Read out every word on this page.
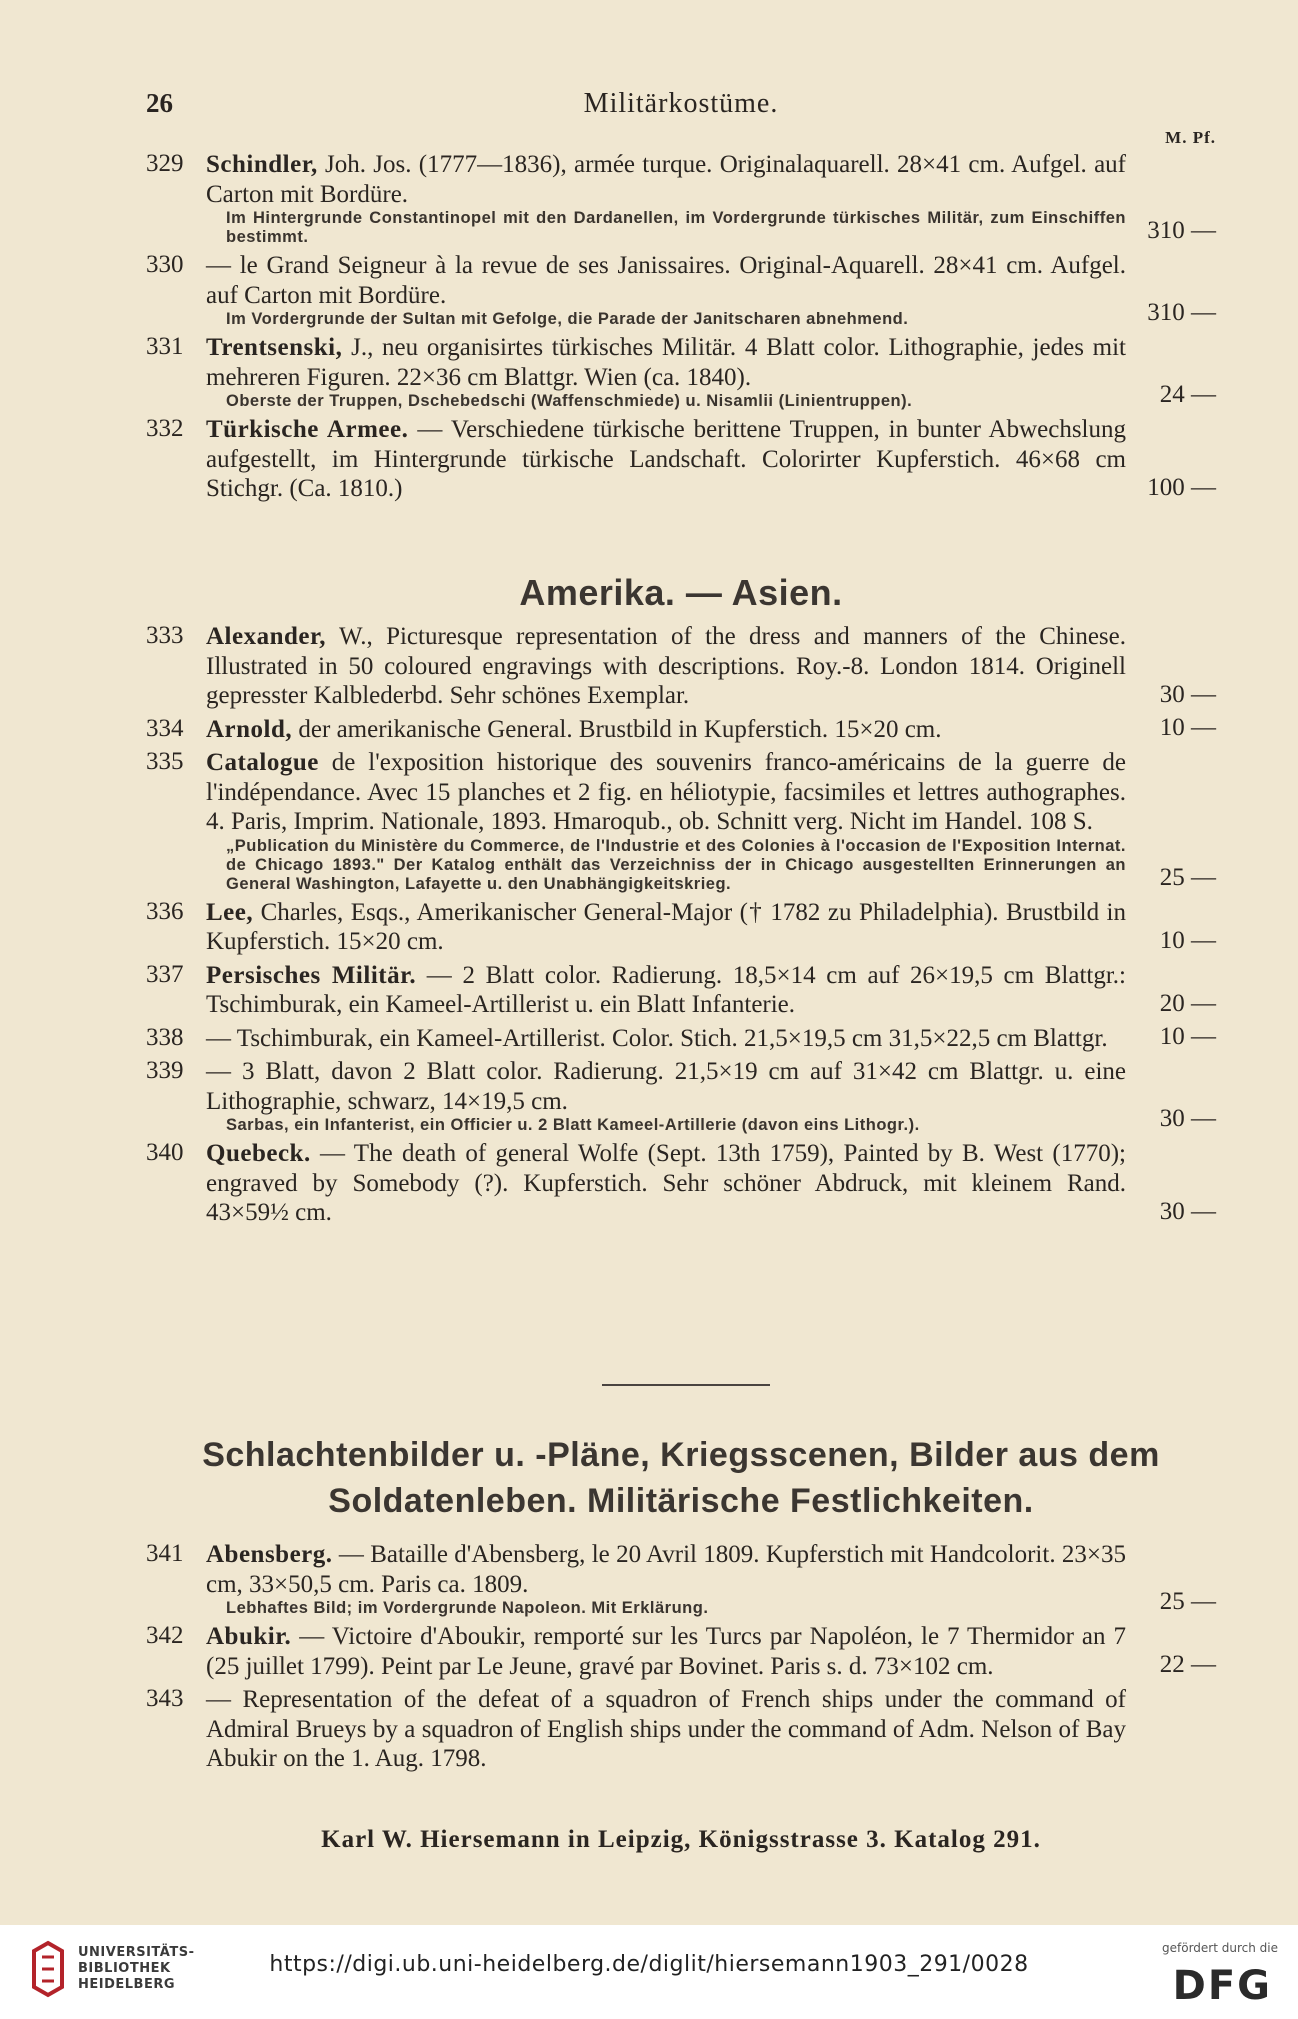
26	Militärkostüme.
M. Pf.
329 Schindler, Joh. Jos. (1777—1836), armée turque. Originalaquarell. 28×41 cm. Aufgel. auf Carton mit Bordüre.
Im Hintergrunde Constantinopel mit den Dardanellen, im Vordergrunde türkisches Militär, zum Einschiffen bestimmt.	310 —
330 — le Grand Seigneur à la revue de ses Janissaires. Original-Aquarell. 28×41 cm. Aufgel. auf Carton mit Bordüre.
Im Vordergrunde der Sultan mit Gefolge, die Parade der Janitscharen abnehmend.	310 —
331 Trentsenski, J., neu organisirtes türkisches Militär. 4 Blatt color. Lithographie, jedes mit mehreren Figuren. 22×36 cm Blattgr. Wien (ca. 1840).
Oberste der Truppen, Dschebedschi (Waffenschmiede) u. Nisamlii (Linientruppen).	24 —
332 Türkische Armee. — Verschiedene türkische berittene Truppen, in bunter Abwechslung aufgestellt, im Hintergrunde türkische Landschaft. Colorirter Kupferstich. 46×68 cm Stichgr. (Ca. 1810.)	100 —
Amerika. — Asien.
333 Alexander, W., Picturesque representation of the dress and manners of the Chinese. Illustrated in 50 coloured engravings with descriptions. Roy.-8. London 1814. Originell gepresster Kalblederbd. Sehr schönes Exemplar.	30 —
334 Arnold, der amerikanische General. Brustbild in Kupferstich. 15×20 cm.	10 —
335 Catalogue de l'exposition historique des souvenirs franco-américains de la guerre de l'indépendance. Avec 15 planches et 2 fig. en héliotypie, facsimiles et lettres authographes. 4. Paris, Imprim. Nationale, 1893. Hmaroqub., ob. Schnitt verg. Nicht im Handel. 108 S.
„Publication du Ministère du Commerce, de l'Industrie et des Colonies à l'occasion de l'Exposition Internat. de Chicago 1893." Der Katalog enthält das Verzeichniss der in Chicago ausgestellten Erinnerungen an General Washington, Lafayette u. den Unabhängigkeitskrieg.	25 —
336 Lee, Charles, Esqs., Amerikanischer General-Major († 1782 zu Philadelphia). Brustbild in Kupferstich. 15×20 cm.	10 —
337 Persisches Militär. — 2 Blatt color. Radierung. 18,5×14 cm auf 26×19,5 cm Blattgr.: Tschimburak, ein Kameel-Artillerist u. ein Blatt Infanterie.	20 —
338 — Tschimburak, ein Kameel-Artillerist. Color. Stich. 21,5×19,5 cm 31,5×22,5 cm Blattgr.	10 —
339 — 3 Blatt, davon 2 Blatt color. Radierung. 21,5×19 cm auf 31×42 cm Blattgr. u. eine Lithographie, schwarz, 14×19,5 cm.
Sarbas, ein Infanterist, ein Officier u. 2 Blatt Kameel-Artillerie (davon eins Lithogr.).	30 —
340 Quebeck. — The death of general Wolfe (Sept. 13th 1759), Painted by B. West (1770); engraved by Somebody (?). Kupferstich. Sehr schöner Abdruck, mit kleinem Rand. 43×59½ cm.	30 —
Schlachtenbilder u. -Pläne, Kriegsscenen, Bilder aus dem
Soldatenleben. Militärische Festlichkeiten.
341 Abensberg. — Bataille d'Abensberg, le 20 Avril 1809. Kupferstich mit Handcolorit. 23×35 cm, 33×50,5 cm. Paris ca. 1809.
Lebhaftes Bild; im Vordergrunde Napoleon. Mit Erklärung.	25 —
342 Abukir. — Victoire d'Aboukir, remporté sur les Turcs par Napoléon, le 7 Thermidor an 7 (25 juillet 1799). Peint par Le Jeune, gravé par Bovinet. Paris s. d. 73×102 cm.	22 —
343 — Representation of the defeat of a squadron of French ships under the command of Admiral Brueys by a squadron of English ships under the command of Adm. Nelson of Bay Abukir on the 1. Aug. 1798.
Karl W. Hiersemann in Leipzig, Königsstrasse 3. Katalog 291.
UNIVERSITÄTS-
BIBLIOTHEK
HEIDELBERG
https://digi.ub.uni-heidelberg.de/diglit/hiersemann1903_291/0028
gefördert durch die
DFG
